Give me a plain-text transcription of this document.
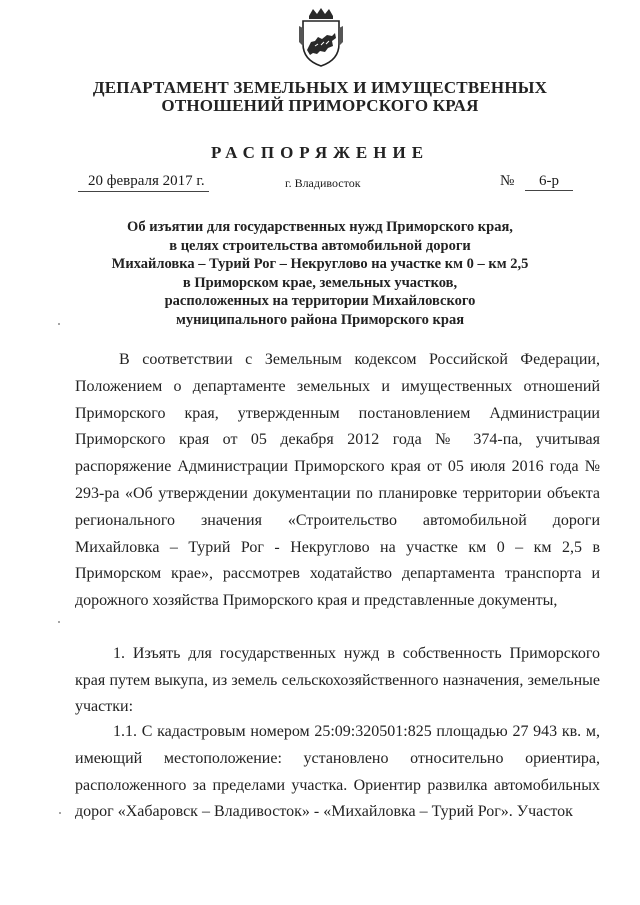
ДЕПАРТАМЕНТ ЗЕМЕЛЬНЫХ И ИМУЩЕСТВЕННЫХ
ОТНОШЕНИЙ ПРИМОРСКОГО КРАЯ
РАСПОРЯЖЕНИЕ
20 февраля 2017 г.	г. Владивосток	№	6-р
Об изъятии для государственных нужд Приморского края,
в целях строительства автомобильной дороги
Михайловка – Турий Рог – Некруглово на участке км 0 – км 2,5
в Приморском крае, земельных участков,
расположенных на территории Михайловского
муниципального района Приморского края
В соответствии с Земельным кодексом Российской Федерации, Положением о департаменте земельных и имущественных отношений Приморского края, утвержденным постановлением Администрации Приморского края от 05 декабря 2012 года № 374-па, учитывая распоряжение Администрации Приморского края от 05 июля 2016 года № 293-ра «Об утверждении документации по планировке территории объекта регионального значения «Строительство автомобильной дороги Михайловка – Турий Рог - Некруглово на участке км 0 – км 2,5 в Приморском крае», рассмотрев ходатайство департамента транспорта и дорожного хозяйства Приморского края и представленные документы,
1. Изъять для государственных нужд в собственность Приморского края путем выкупа, из земель сельскохозяйственного назначения, земельные участки:
1.1. С кадастровым номером 25:09:320501:825 площадью 27 943 кв. м, имеющий местоположение: установлено относительно ориентира, расположенного за пределами участка. Ориентир развилка автомобильных дорог «Хабаровск – Владивосток» - «Михайловка – Турий Рог». Участок
